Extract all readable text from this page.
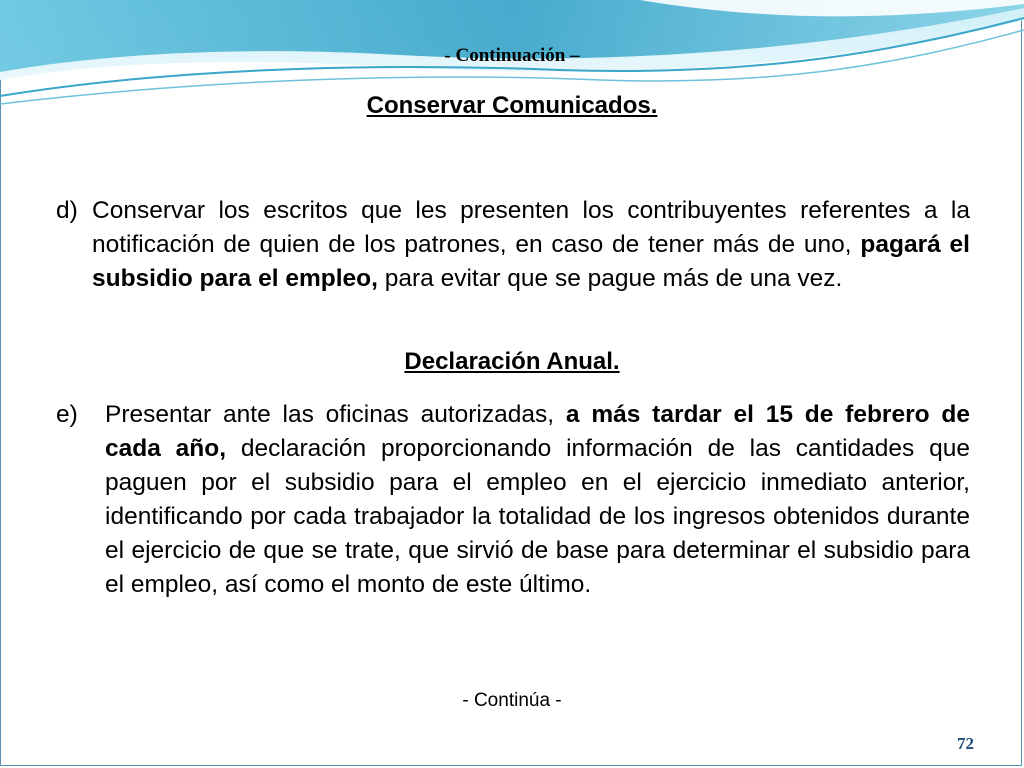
- Continuación –
Conservar Comunicados.
d) Conservar los escritos que les presenten los contribuyentes referentes a la notificación de quien de los patrones, en caso de tener más de uno, pagará el subsidio para el empleo, para evitar que se pague más de una vez.
Declaración Anual.
e) Presentar ante las oficinas autorizadas, a más tardar el 15 de febrero de cada año, declaración proporcionando información de las cantidades que paguen por el subsidio para el empleo en el ejercicio inmediato anterior, identificando por cada trabajador la totalidad de los ingresos obtenidos durante el ejercicio de que se trate, que sirvió de base para determinar el subsidio para el empleo, así como el monto de este último.
- Continúa -
72
